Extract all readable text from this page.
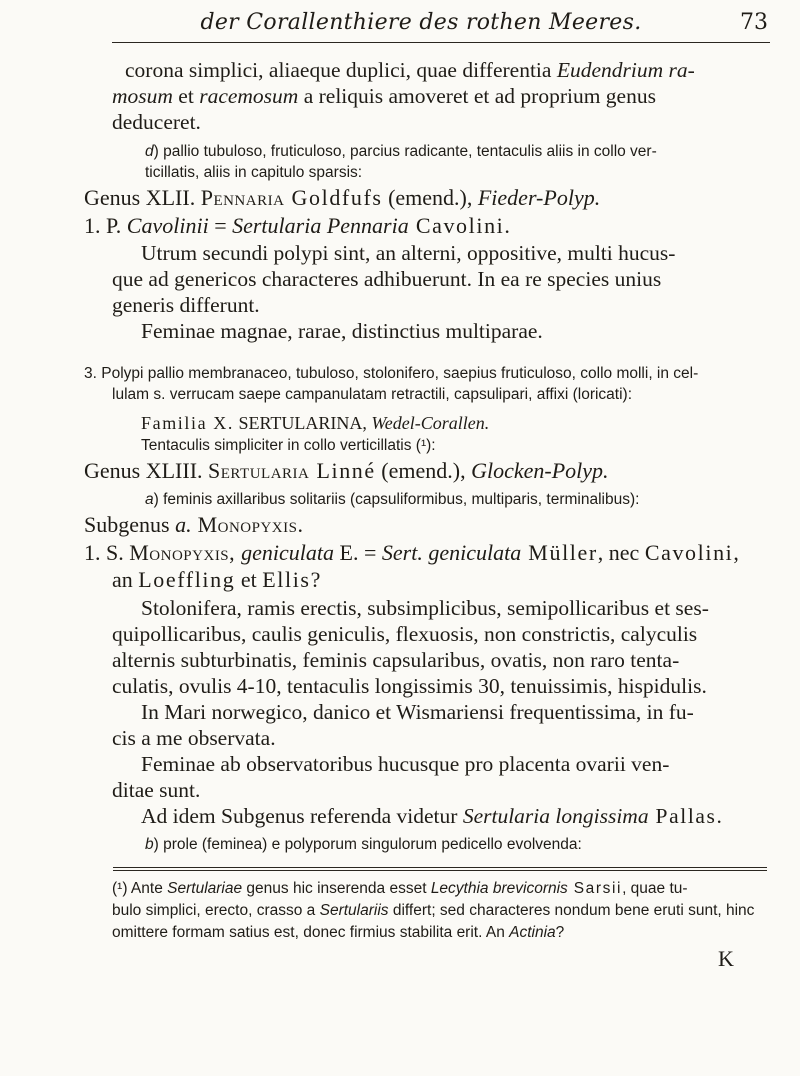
der Corallenthiere des rothen Meeres.	73
corona simplici, aliaeque duplici, quae differentia Eudendrium ra-
mosum et racemosum a reliquis amoveret et ad proprium genus
deduceret.
d) pallio tubuloso, fruticuloso, parcius radicante, tentaculis aliis in collo ver-
ticillatis, aliis in capitulo sparsis:
Genus XLII. Pennaria Goldfufs (emend.), Fieder-Polyp.
1. P. Cavolinii = Sertularia Pennaria Cavolini.
Utrum secundi polypi sint, an alterni, oppositive, multi hucus-
que ad genericos characteres adhibuerunt. In ea re species unius
generis differunt.
Feminae magnae, rarae, distinctius multiparae.
3. Polypi pallio membranaceo, tubuloso, stolonifero, saepius fruticuloso, collo molli, in cel-
lulam s. verrucam saepe campanulatam retractili, capsulipari, affixi (loricati):
Familia X. SERTULARINA, Wedel-Corallen.
Tentaculis simpliciter in collo verticillatis (¹):
Genus XLIII. Sertularia Linné (emend.), Glocken-Polyp.
a) feminis axillaribus solitariis (capsuliformibus, multiparis, terminalibus):
Subgenus a. Monopyxis.
1. S. Monopyxis, geniculata E. = Sert. geniculata Müller, nec Cavolini,
an Loeffling et Ellis?
Stolonifera, ramis erectis, subsimplicibus, semipollicaribus et ses-
quipollicaribus, caulis geniculis, flexuosis, non constrictis, calyculis
alternis subturbinatis, feminis capsularibus, ovatis, non raro tenta-
culatis, ovulis 4-10, tentaculis longissimis 30, tenuissimis, hispidulis.
In Mari norwegico, danico et Wismariensi frequentissima, in fu-
cis a me observata.
Feminae ab observatoribus hucusque pro placenta ovarii ven-
ditae sunt.
Ad idem Subgenus referenda videtur Sertularia longissima Pallas.
b) prole (feminea) e polyporum singulorum pedicello evolvenda:
(¹) Ante Sertulariae genus hic inserenda esset Lecythia brevicornis Sarsii, quae tu-
bulo simplici, erecto, crasso a Sertulariis differt; sed characteres nondum bene eruti sunt, hinc
omittere formam satius est, donec firmius stabilita erit. An Actinia?
K
